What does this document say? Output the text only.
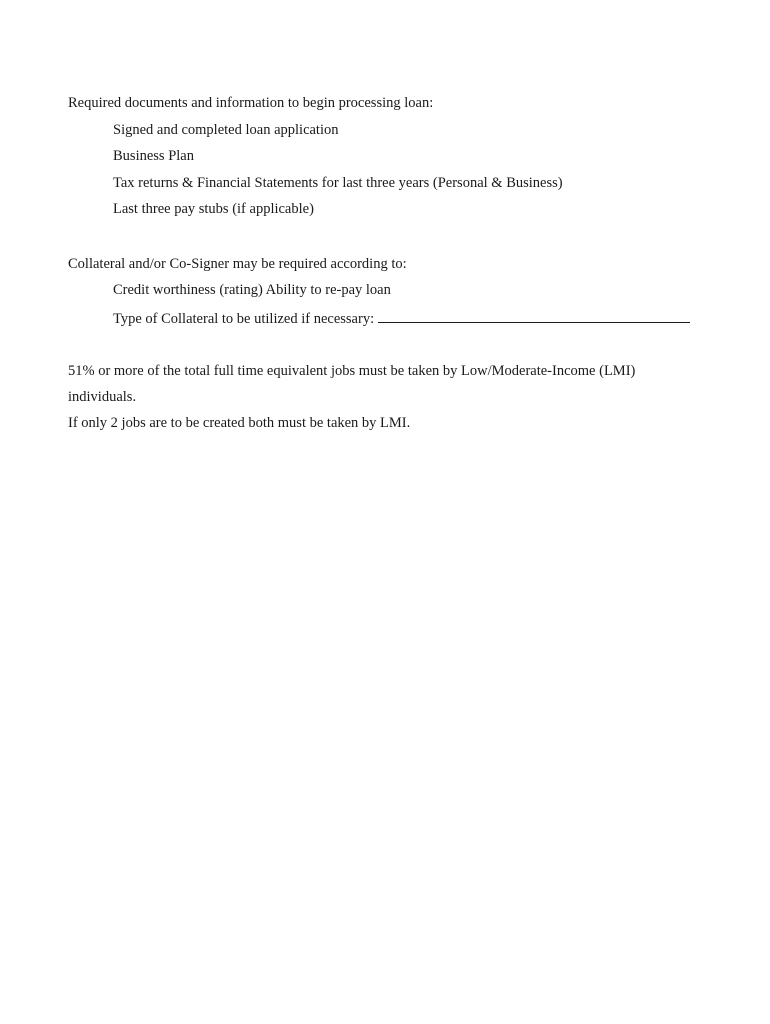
Required documents and information to begin processing loan:
Signed and completed loan application
Business Plan
Tax returns & Financial Statements for last three years (Personal & Business)
Last three pay stubs (if applicable)
Collateral and/or Co-Signer may be required according to:
Credit worthiness (rating) Ability to re-pay loan
Type of Collateral to be utilized if necessary:
51% or more of the total full time equivalent jobs must be taken by Low/Moderate-Income (LMI)
individuals.
If only 2 jobs are to be created both must be taken by LMI.
